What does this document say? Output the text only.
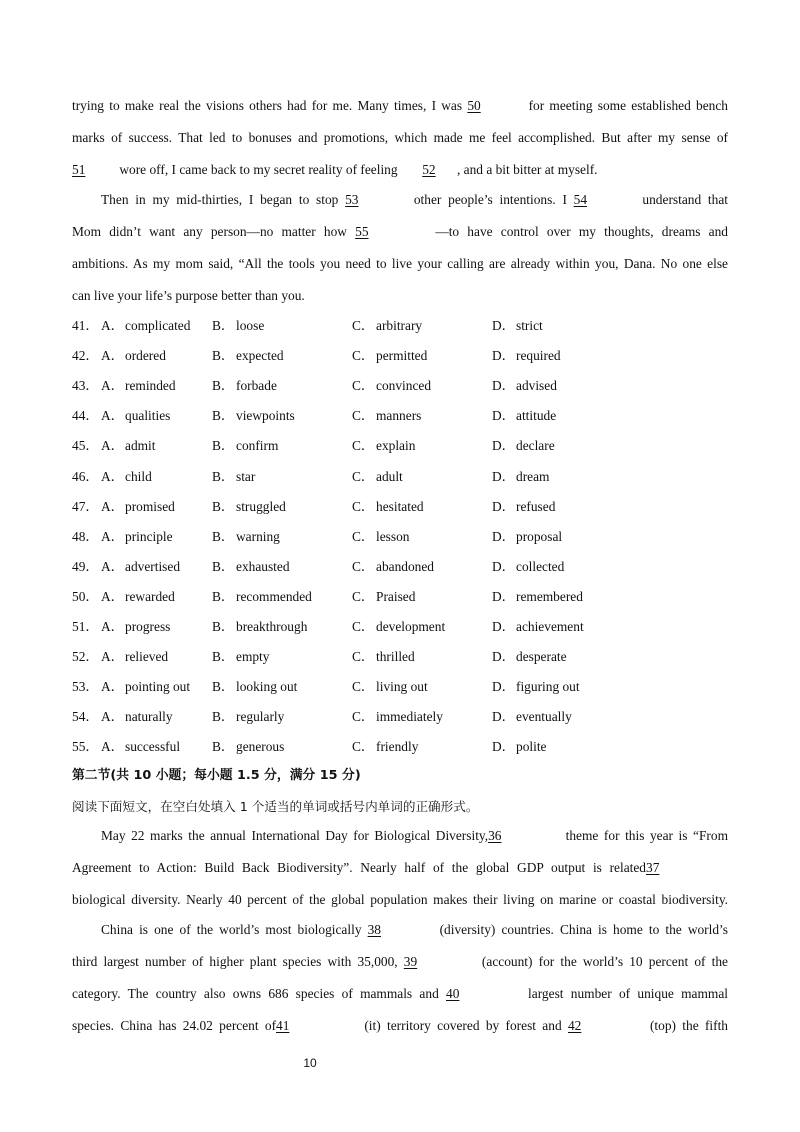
trying to make real the visions others had for me. Many times, I was 50	for meeting some established bench
marks of success. That led to bonuses and promotions, which made me feel accomplished. But after my sense of
51 wore off, I came back to my secret reality of feeling 52 , and a bit bitter at myself.
Then in my mid-thirties, I began to stop 53	other people’s intentions. I 54	understand that
Mom didn’t want any person—no matter how 55	—to have control over my thoughts, dreams and
ambitions. As my mom said, “All the tools you need to live your calling are already within you, Dana. No one else
can live your life’s purpose better than you.
41． A．complicated B． loose	C． arbitrary	D．strict
42． A．ordered	B． expected	C． permitted	D．required
43． A．reminded	B． forbade	C． convinced	D．advised
44． A．qualities	B． viewpoints	C． manners	D．attitude
45． A．admit	B． confirm	C． explain	D．declare
46． A．child	B． star	C． adult	D．dream
47． A．promised	B． struggled	C． hesitated	D．refused
48． A．principle	B． warning	C． lesson	D．proposal
49． A．advertised B． exhausted	C． abandoned	D．collected
50． A．rewarded	B． recommended	C． Praised	D．remembered
51． A．progress	B． breakthrough	C． development	D．achievement
52． A．relieved	B． empty	C． thrilled	D．desperate
53． A．pointing out B． looking out	C． living out	D．figuring out
54． A．naturally	B． regularly	C． immediately	D．eventually
55． A．successful B． generous	C． friendly	D．polite
第二节(共 10 小题；每小题 1.5 分，满分 15 分)
阅读下面短文，在空白处填入 1 个适当的单词或括号内单词的正确形式。
May 22 marks the annual International Day for Biological Diversity,36	theme for this year is “From
Agreement to Action: Build Back Biodiversity”. Nearly half of the global GDP output is related37
biological diversity. Nearly 40 percent of the global population makes their living on marine or coastal biodiversity.
China is one of the world’s most biologically 38	(diversity) countries. China is home to the world’s
third largest number of higher plant species with 35,000, 39	(account) for the world’s 10 percent of the
category. The country also owns 686 species of mammals and 40	largest number of unique mammal
species. China has 24.02 percent of41	(it) territory covered by forest and 42	(top) the fifth
10
